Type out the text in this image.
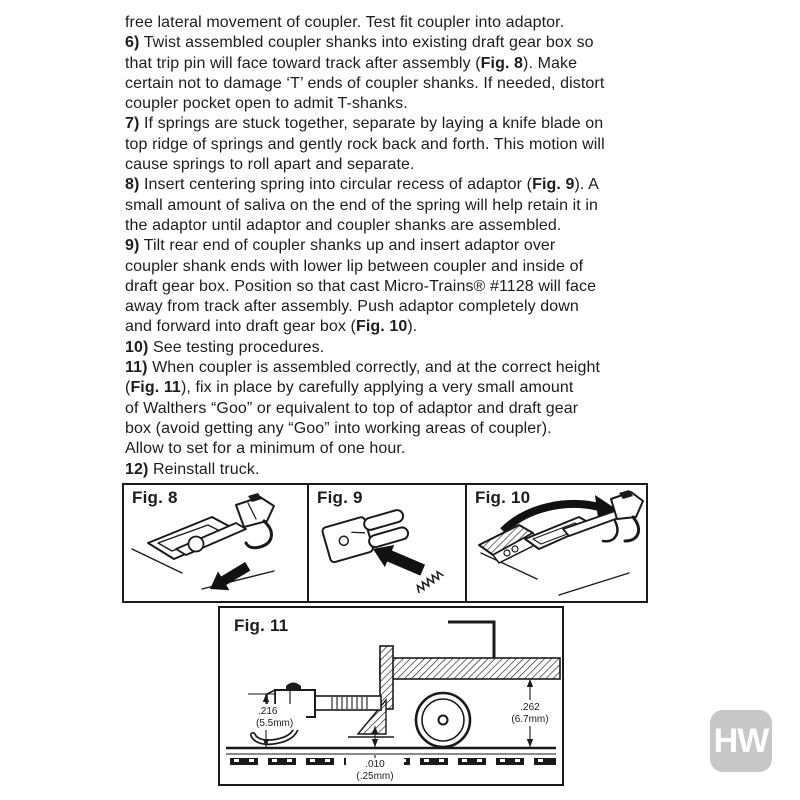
free lateral movement of coupler. Test fit coupler into adaptor.
6) Twist assembled coupler shanks into existing draft gear box so
that trip pin will face toward track after assembly (Fig. 8). Make
certain not to damage ‘T’ ends of coupler shanks. If needed, distort
coupler pocket open to admit T-shanks.
7) If springs are stuck together, separate by laying a knife blade on
top ridge of springs and gently rock back and forth. This motion will
cause springs to roll apart and separate.
8) Insert centering spring into circular recess of adaptor (Fig. 9). A
small amount of saliva on the end of the spring will help retain it in
the adaptor until adaptor and coupler shanks are assembled.
9) Tilt rear end of coupler shanks up and insert adaptor over
coupler shank ends with lower lip between coupler and inside of
draft gear box. Position so that cast Micro-Trains® #1128 will face
away from track after assembly. Push adaptor completely down
and forward into draft gear box (Fig. 10).
10) See testing procedures.
11) When coupler is assembled correctly, and at the correct height
(Fig. 11), fix in place by carefully applying a very small amount
of Walthers “Goo” or equivalent to top of adaptor and draft gear
box (avoid getting any “Goo” into working areas of coupler).
Allow to set for a minimum of one hour.
12) Reinstall truck.
Fig. 8	Fig. 9	Fig. 10
.216
(5.5mm)
.262
(6.7mm)
.010
(.25mm)
Fig. 11
HW
